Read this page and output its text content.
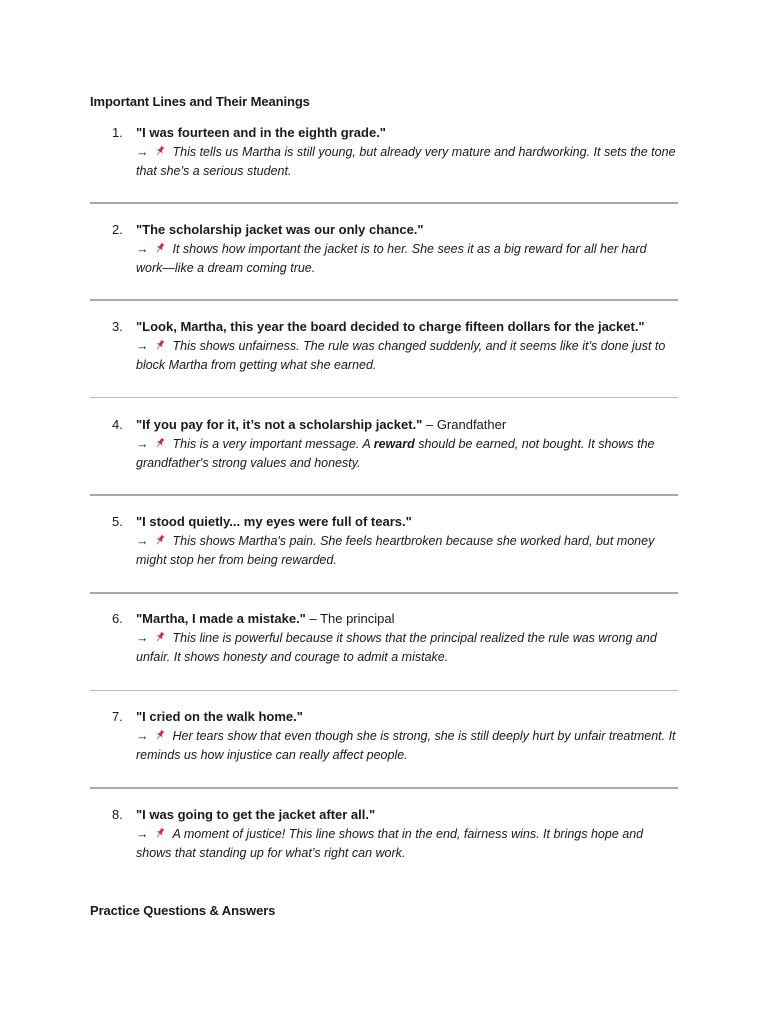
Important Lines and Their Meanings
1.	"I was fourteen and in the eighth grade."
→ This tells us Martha is still young, but already very mature and hardworking. It sets the tone that she’s a serious student.
2.	"The scholarship jacket was our only chance."
→ It shows how important the jacket is to her. She sees it as a big reward for all her hard work—like a dream coming true.
3.	"Look, Martha, this year the board decided to charge fifteen dollars for the jacket."
→ This shows unfairness. The rule was changed suddenly, and it seems like it’s done just to block Martha from getting what she earned.
4.	"If you pay for it, it’s not a scholarship jacket." – Grandfather
→ This is a very important message. A reward should be earned, not bought. It shows the grandfather's strong values and honesty.
5.	"I stood quietly... my eyes were full of tears."
→ This shows Martha's pain. She feels heartbroken because she worked hard, but money might stop her from being rewarded.
6.	"Martha, I made a mistake." – The principal
→ This line is powerful because it shows that the principal realized the rule was wrong and unfair. It shows honesty and courage to admit a mistake.
7.	"I cried on the walk home."
→ Her tears show that even though she is strong, she is still deeply hurt by unfair treatment. It reminds us how injustice can really affect people.
8.	"I was going to get the jacket after all."
→ A moment of justice! This line shows that in the end, fairness wins. It brings hope and shows that standing up for what’s right can work.
Practice Questions & Answers
